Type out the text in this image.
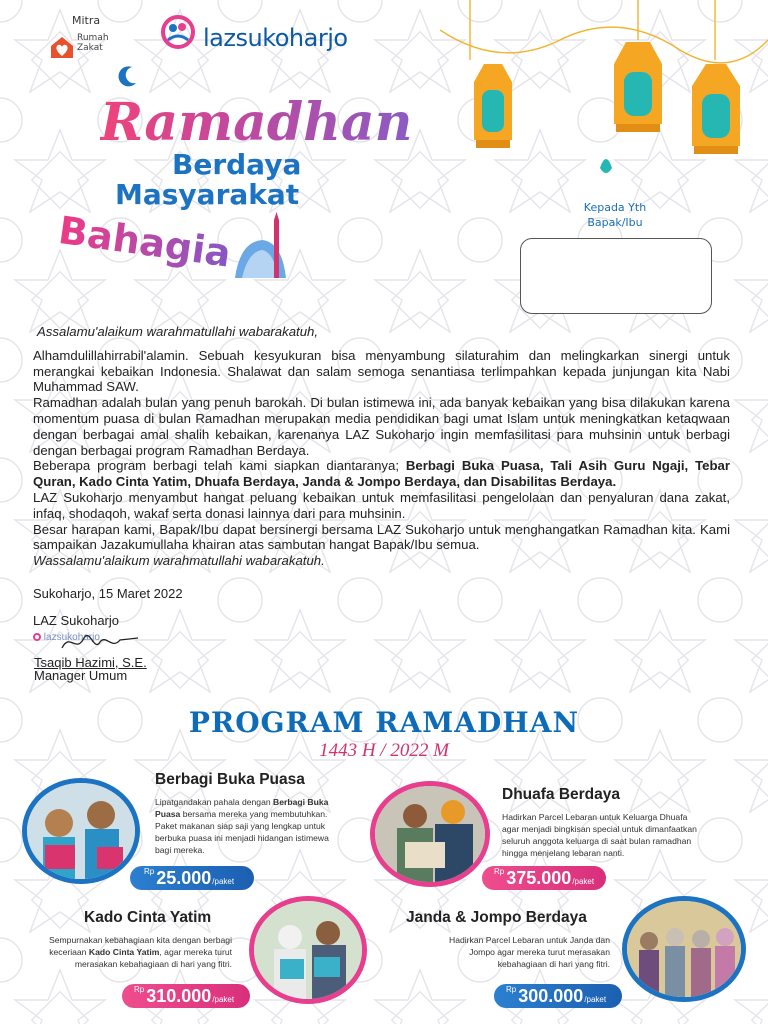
Mitra
Rumah
Zakat	lazsukoharjo
Ramadhan
Berdaya
Masyarakat
Bahagia
Kepada Yth
Bapak/Ibu

Assalamu'alaikum warahmatullahi wabarakatuh,

Alhamdulillahirrabil'alamin. Sebuah kesyukuran bisa menyambung silaturahim dan melingkarkan sinergi untuk merangkai kebaikan Indonesia. Shalawat dan salam semoga senantiasa terlimpahkan kepada junjungan kita Nabi Muhammad SAW.

Ramadhan adalah bulan yang penuh barokah. Di bulan istimewa ini, ada banyak kebaikan yang bisa dilakukan karena momentum puasa di bulan Ramadhan merupakan media pendidikan bagi umat Islam untuk meningkatkan ketaqwaan dengan berbagai amal shalih kebaikan, karenanya LAZ Sukoharjo ingin memfasilitasi para muhsinin untuk berbagi dengan berbagai program Ramadhan Berdaya.

Beberapa program berbagi telah kami siapkan diantaranya; Berbagi Buka Puasa, Tali Asih Guru Ngaji, Tebar Quran, Kado Cinta Yatim, Dhuafa Berdaya, Janda & Jompo Berdaya, dan Disabilitas Berdaya.

LAZ Sukoharjo menyambut hangat peluang kebaikan untuk memfasilitasi pengelolaan dan penyaluran dana zakat, infaq, shodaqoh, wakaf serta donasi lainnya dari para muhsinin.

Besar harapan kami, Bapak/Ibu dapat bersinergi bersama LAZ Sukoharjo untuk menghangatkan Ramadhan kita. Kami sampaikan Jazakumullaha khairan atas sambutan hangat Bapak/Ibu semua.

Wassalamu'alaikum warahmatullahi wabarakatuh.

Sukoharjo, 15 Maret 2022
LAZ Sukoharjo
lazsukoharjo
Tsaqib Hazimi, S.E.
Manager Umum
PROGRAM RAMADHAN
1443 H / 2022 M
Berbagi Buka Puasa
Lipatgandakan pahala dengan Berbagi Buka Puasa bersama mereka yang membutuhkan. Paket makanan siap saji yang lengkap untuk berbuka puasa ini menjadi hidangan istimewa bagi mereka.
Rp 25.000 /paket
Dhuafa Berdaya
Hadirkan Parcel Lebaran untuk Keluarga Dhuafa agar menjadi bingkisan special untuk dimanfaatkan seluruh anggota keluarga di saat bulan ramadhan hingga menjelang lebaran nanti.
Rp 375.000 /paket
Kado Cinta Yatim
Sempurnakan kebahagiaan kita dengan berbagi keceriaan Kado Cinta Yatim, agar mereka turut merasakan kebahagiaan di hari yang fitri.
Rp 310.000 /paket
Janda & Jompo Berdaya
Hadirkan Parcel Lebaran untuk Janda dan Jompo agar mereka turut merasakan kebahagiaan di hari yang fitri.
Rp 300.000 /paket
